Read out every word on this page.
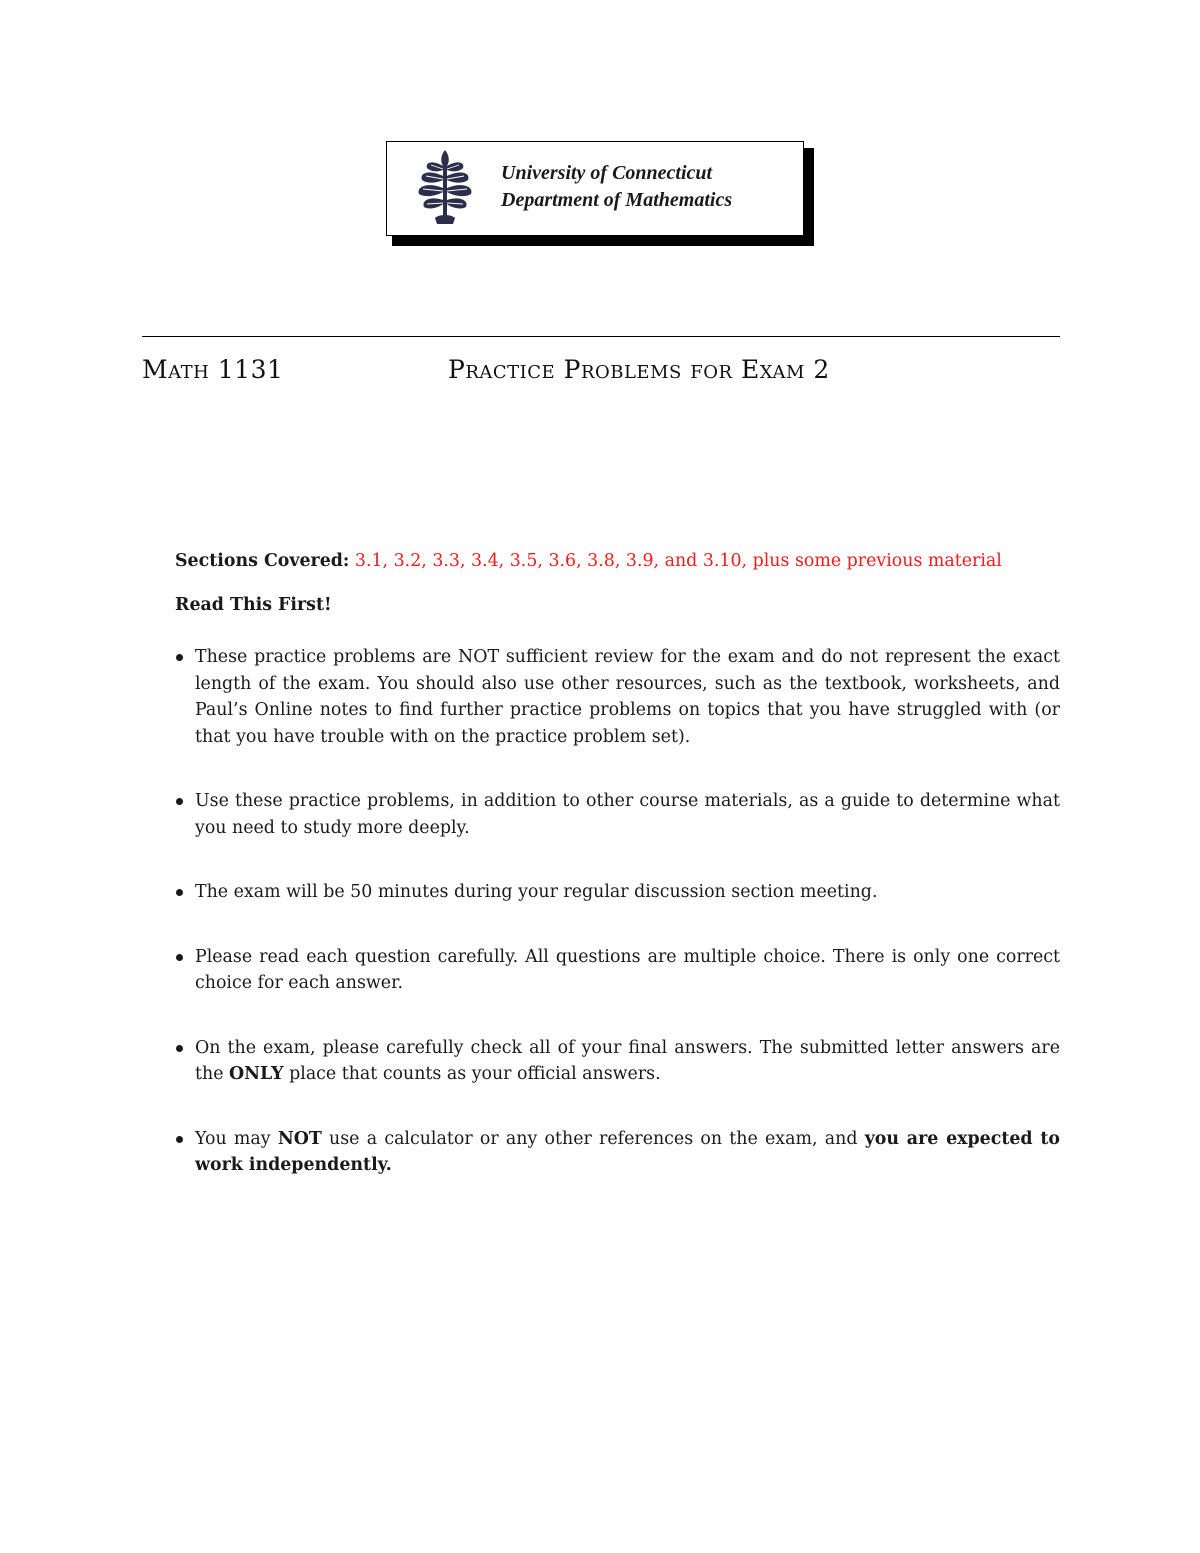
University of Connecticut
Department of Mathematics
Math 1131	Practice Problems for Exam 2

Sections Covered: 3.1, 3.2, 3.3, 3.4, 3.5, 3.6, 3.8, 3.9, and 3.10, plus some previous material

Read This First!
These practice problems are NOT sufficient review for the exam and do not represent the exact length of the exam. You should also use other resources, such as the textbook, worksheets, and Paul’s Online notes to find further practice problems on topics that you have struggled with (or that you have trouble with on the practice problem set).
Use these practice problems, in addition to other course materials, as a guide to determine what you need to study more deeply.
The exam will be 50 minutes during your regular discussion section meeting.
Please read each question carefully. All questions are multiple choice. There is only one correct choice for each answer.
On the exam, please carefully check all of your final answers. The submitted letter answers are the ONLY place that counts as your official answers.
You may NOT use a calculator or any other references on the exam, and you are expected to work independently.
